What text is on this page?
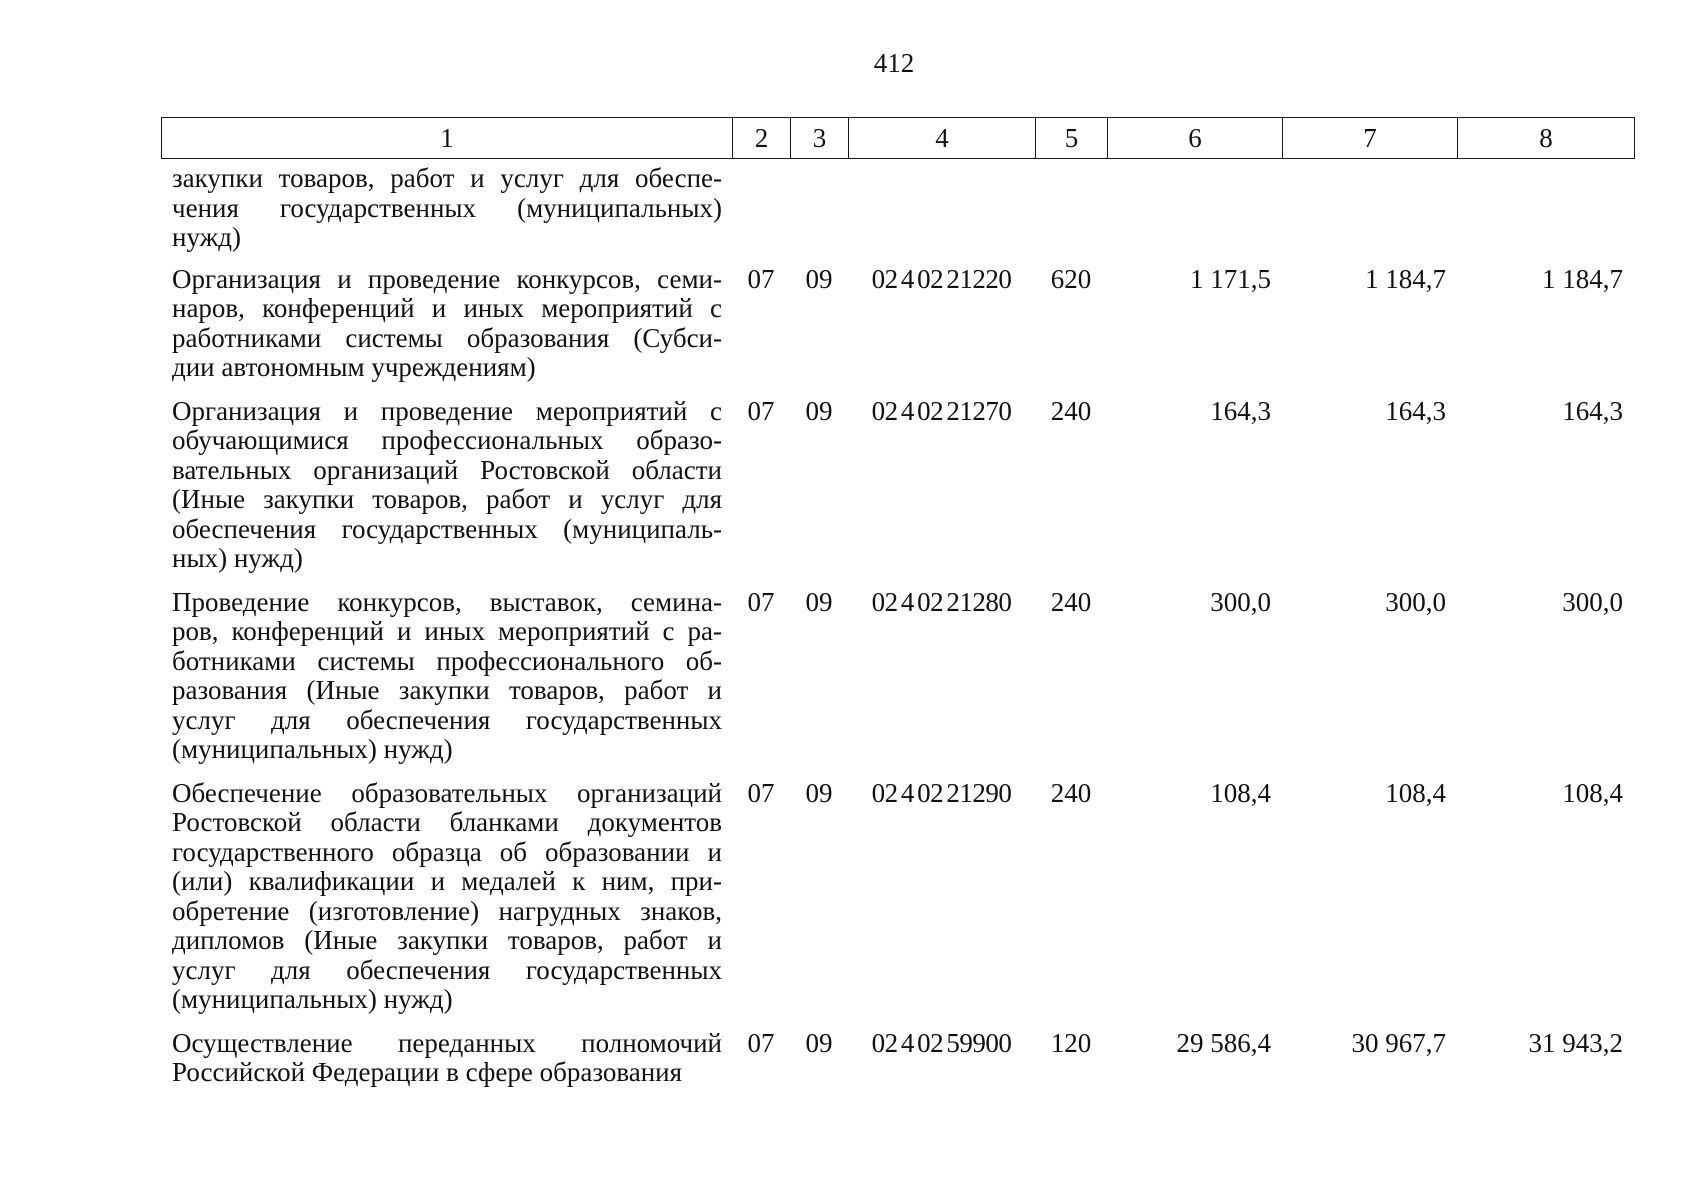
412
1	2	3	4	5	6	7	8
закупки товаров, работ и услуг для обеспе-
чения государственных (муниципальных)
нужд)
Организация и проведение конкурсов, семи-
наров, конференций и иных мероприятий с
работниками системы образования (Субси-
дии автономным учреждениям)
07	09	02 4 02 21220	620	1 171,5	1 184,7	1 184,7
Организация и проведение мероприятий с
обучающимися профессиональных образо-
вательных организаций Ростовской области
(Иные закупки товаров, работ и услуг для
обеспечения государственных (муниципаль-
ных) нужд)
07	09	02 4 02 21270	240	164,3	164,3	164,3
Проведение конкурсов, выставок, семина-
ров, конференций и иных мероприятий с ра-
ботниками системы профессионального об-
разования (Иные закупки товаров, работ и
услуг для обеспечения государственных
(муниципальных) нужд)
07	09	02 4 02 21280	240	300,0	300,0	300,0
Обеспечение образовательных организаций
Ростовской области бланками документов
государственного образца об образовании и
(или) квалификации и медалей к ним, при-
обретение (изготовление) нагрудных знаков,
дипломов (Иные закупки товаров, работ и
услуг для обеспечения государственных
(муниципальных) нужд)
07	09	02 4 02 21290	240	108,4	108,4	108,4
Осуществление переданных полномочий
Российской Федерации в сфере образования
07	09	02 4 02 59900	120	29 586,4	30 967,7	31 943,2
